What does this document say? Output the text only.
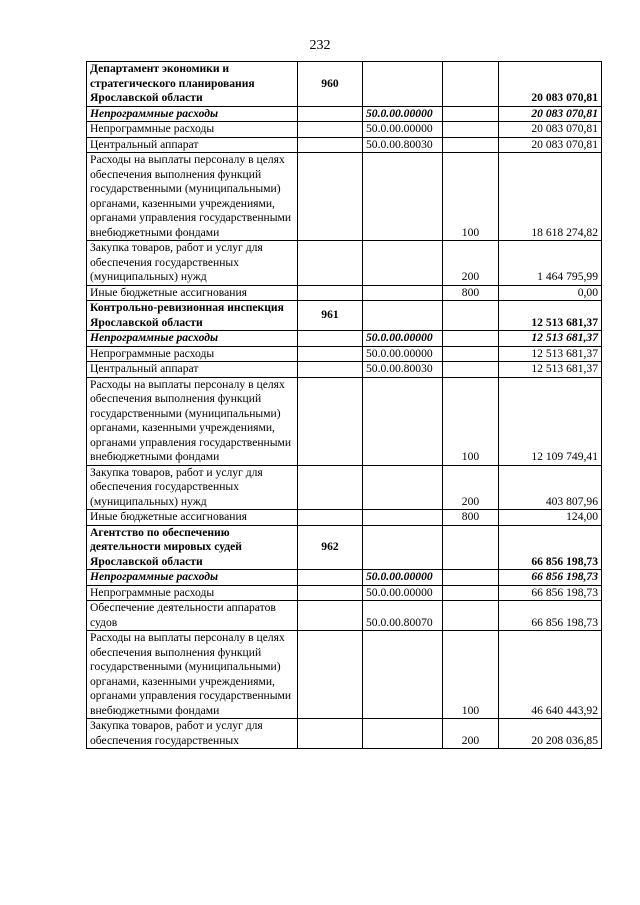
232
Департамент экономики и стратегического планирования Ярославской области	960			20 083 070,81
Непрограммные расходы		50.0.00.00000		20 083 070,81
Непрограммные расходы		50.0.00.00000		20 083 070,81
Центральный аппарат		50.0.00.80030		20 083 070,81
Расходы на выплаты персоналу в целях обеспечения выполнения функций государственными (муниципальными) органами, казенными учреждениями, органами управления государственными внебюджетными фондами			100	18 618 274,82
Закупка товаров, работ и услуг для обеспечения государственных (муниципальных) нужд			200	1 464 795,99
Иные бюджетные ассигнования			800	0,00
Контрольно-ревизионная инспекция Ярославской области	961			12 513 681,37
Непрограммные расходы		50.0.00.00000		12 513 681,37
Непрограммные расходы		50.0.00.00000		12 513 681,37
Центральный аппарат		50.0.00.80030		12 513 681,37
Расходы на выплаты персоналу в целях обеспечения выполнения функций государственными (муниципальными) органами, казенными учреждениями, органами управления государственными внебюджетными фондами			100	12 109 749,41
Закупка товаров, работ и услуг для обеспечения государственных (муниципальных) нужд			200	403 807,96
Иные бюджетные ассигнования			800	124,00
Агентство по обеспечению деятельности мировых судей Ярославской области	962			66 856 198,73
Непрограммные расходы		50.0.00.00000		66 856 198,73
Непрограммные расходы		50.0.00.00000		66 856 198,73
Обеспечение деятельности аппаратов судов		50.0.00.80070		66 856 198,73
Расходы на выплаты персоналу в целях обеспечения выполнения функций государственными (муниципальными) органами, казенными учреждениями, органами управления государственными внебюджетными фондами			100	46 640 443,92
Закупка товаров, работ и услуг для обеспечения государственных			200	20 208 036,85
